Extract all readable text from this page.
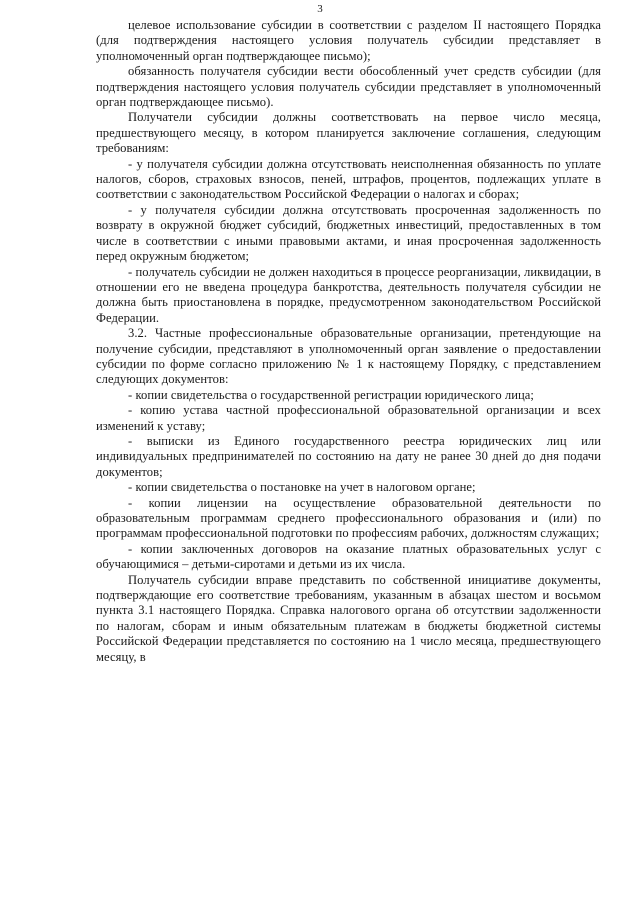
3

целевое использование субсидии в соответствии с разделом II настоящего Порядка (для подтверждения настоящего условия получатель субсидии представляет в уполномоченный орган подтверждающее письмо);

обязанность получателя субсидии вести обособленный учет средств субсидии (для подтверждения настоящего условия получатель субсидии представляет в уполномоченный орган подтверждающее письмо).

Получатели субсидии должны соответствовать на первое число месяца, предшествующего месяцу, в котором планируется заключение соглашения, следующим требованиям:

- у получателя субсидии должна отсутствовать неисполненная обязанность по уплате налогов, сборов, страховых взносов, пеней, штрафов, процентов, подлежащих уплате в соответствии с законодательством Российской Федерации о налогах и сборах;

- у получателя субсидии должна отсутствовать просроченная задолженность по возврату в окружной бюджет субсидий, бюджетных инвестиций, предоставленных в том числе в соответствии с иными правовыми актами, и иная просроченная задолженность перед окружным бюджетом;

- получатель субсидии не должен находиться в процессе реорганизации, ликвидации, в отношении его не введена процедура банкротства, деятельность получателя субсидии не должна быть приостановлена в порядке, предусмотренном законодательством Российской Федерации.

3.2. Частные профессиональные образовательные организации, претендующие на получение субсидии, представляют в уполномоченный орган заявление о предоставлении субсидии по форме согласно приложению № 1 к настоящему Порядку, с представлением следующих документов:

- копии свидетельства о государственной регистрации юридического лица;

- копию устава частной профессиональной образовательной организации и всех изменений к уставу;

- выписки из Единого государственного реестра юридических лиц или индивидуальных предпринимателей по состоянию на дату не ранее 30 дней до дня подачи документов;

- копии свидетельства о постановке на учет в налоговом органе;

- копии лицензии на осуществление образовательной деятельности по образовательным программам среднего профессионального образования и (или) по программам профессиональной подготовки по профессиям рабочих, должностям служащих;

- копии заключенных договоров на оказание платных образовательных услуг с обучающимися – детьми-сиротами и детьми из их числа.

Получатель субсидии вправе представить по собственной инициативе документы, подтверждающие его соответствие требованиям, указанным в абзацах шестом и восьмом пункта 3.1 настоящего Порядка. Справка налогового органа об отсутствии задолженности по налогам, сборам и иным обязательным платежам в бюджеты бюджетной системы Российской Федерации представляется по состоянию на 1 число месяца, предшествующего месяцу, в
